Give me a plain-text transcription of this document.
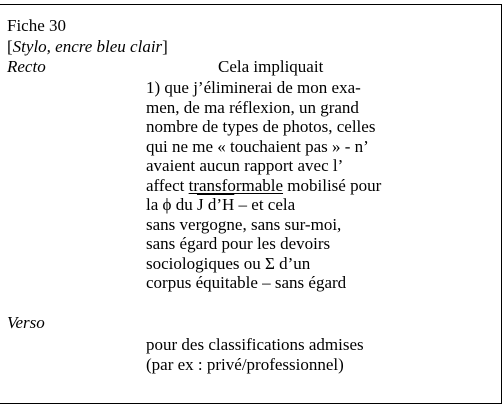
Fiche 30
[Stylo, encre bleu clair]
Recto	Cela impliquait
1) que j’éliminerai de mon exa-
men, de ma réflexion, un grand
nombre de types de photos, celles
qui ne me « touchaient pas » - n’
avaient aucun rapport avec l’
affect transformable mobilisé pour
la ϕ du J d’H – et cela
sans vergogne, sans sur-moi,
sans égard pour les devoirs
sociologiques ou Σ d’un
corpus équitable – sans égard
Verso
pour des classifications admises
(par ex : privé/professionnel)
